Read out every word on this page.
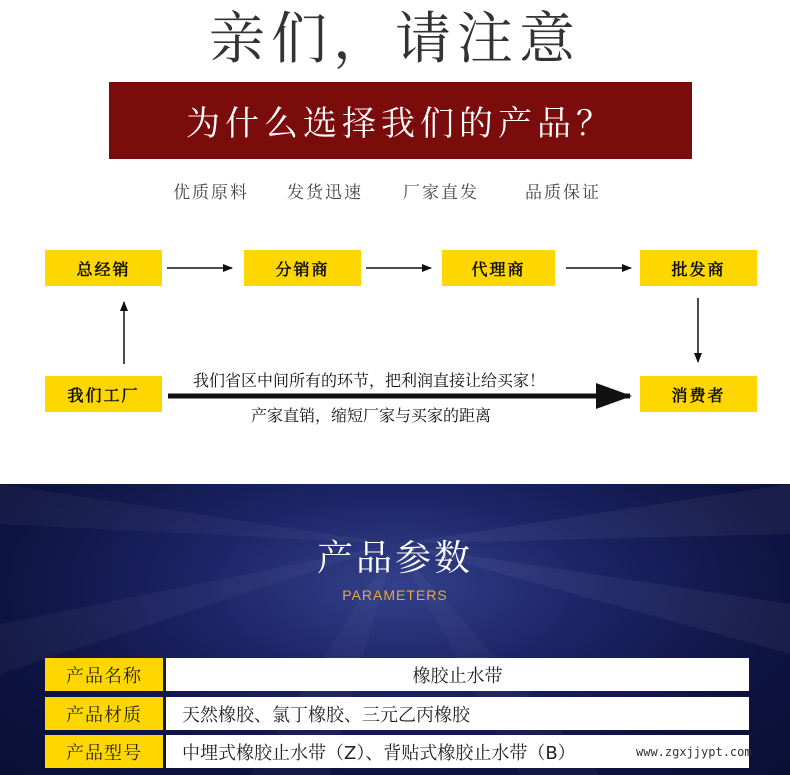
亲们，请注意
为什么选择我们的产品？
优质原料 发货迅速 厂家直发	品质保证
总经销	分销商	代理商	批发商
我们工厂	消费者
我们省区中间所有的环节，把利润直接让给买家！
产家直销，缩短厂家与买家的距离
产品参数
PARAMETERS
产品名称	橡胶止水带
产品材质	天然橡胶、氯丁橡胶、三元乙丙橡胶
产品型号	中埋式橡胶止水带（Z）、背贴式橡胶止水带（B）	www.zgxjjypt.com
